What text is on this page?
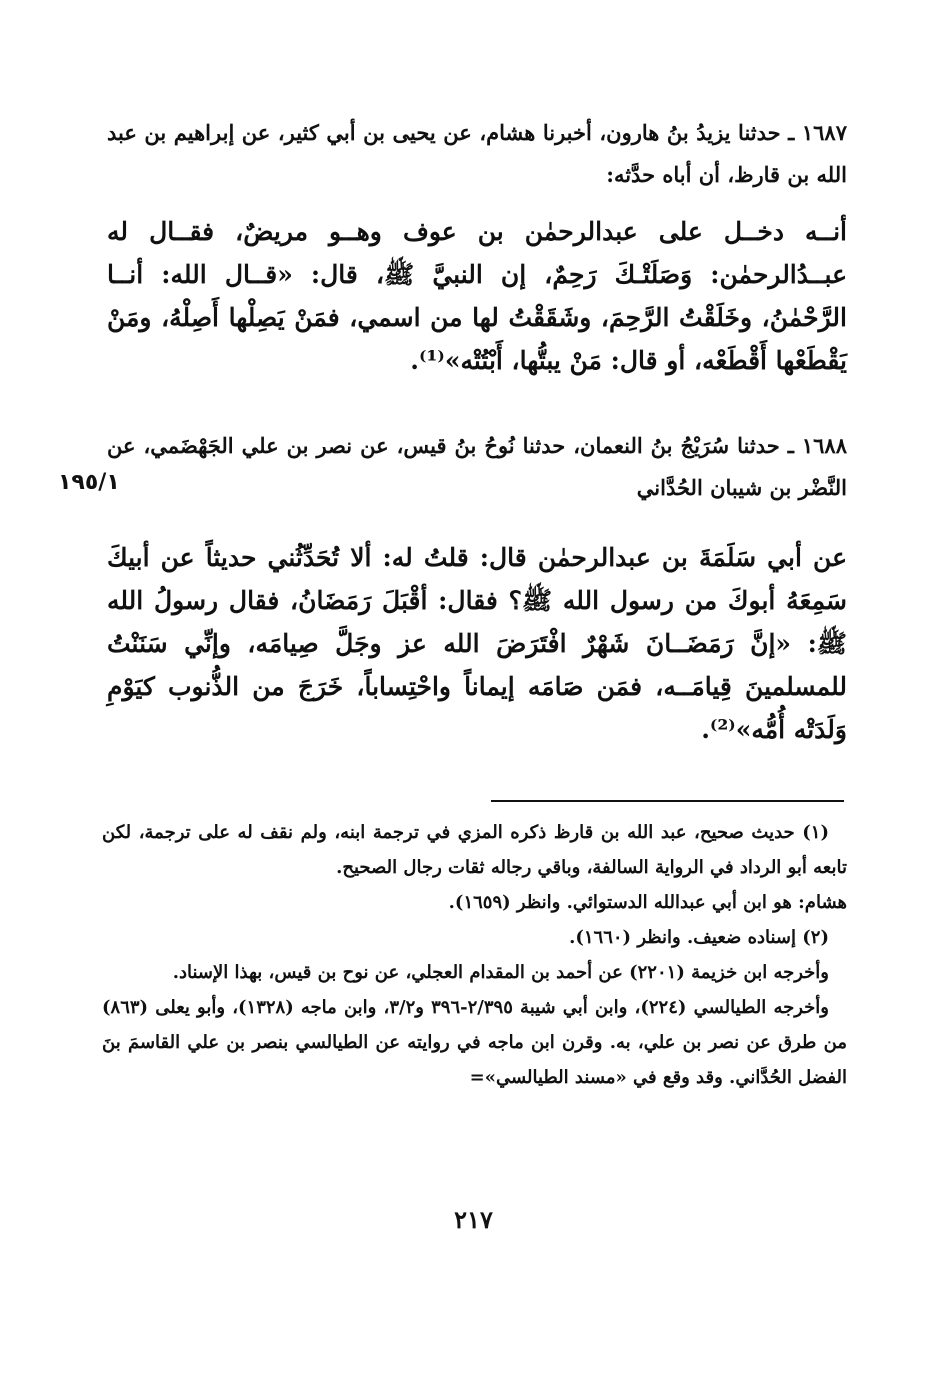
١٦٨٧ ـ حدثنا يزيدُ بنُ هارون، أخبرنا هشام، عن يحيى بن أبي كثير، عن إبراهيم بن عبد الله بن قارظ، أن أباه حدَّثه:
أنــه دخــل على عبدالرحمٰن بن عوف وهــو مريضٌ، فقــال له عبــدُالرحمٰن: وَصَلَتْـكَ رَحِمٌ، إن النبيَّ ﷺ، قال: «قــال الله: أنــا الرَّحْمٰنُ، وخَلَقْتُ الرَّحِمَ، وشَقَقْتُ لها من اسمي، فمَنْ يَصِلْها أَصِلْهُ، ومَنْ يَقْطَعْها أَقْطَعْه، أو قال: مَنْ يبتُّها، أَبْتُتْه»⁽¹⁾.
١٦٨٨ ـ حدثنا سُرَيْجُ بنُ النعمان، حدثنا نُوحُ بنُ قيس، عن نصر بن علي الجَهْضَمي، عن النَّضْر بن شيبان الحُدَّاني
١٩٥/١
عن أبي سَلَمَةَ بن عبدالرحمٰن قال: قلتُ له: ألا تُحَدِّثُني حديثاً عن أبيكَ سَمِعَهُ أبوكَ من رسول الله ﷺ؟ فقال: أقْبَلَ رَمَضَانُ، فقال رسولُ الله ﷺ: «إنَّ رَمَضَــانَ شَهْرٌ افْتَرَضَ الله عز وجَلَّ صِيامَه، وإنِّي سَنَنْتُ للمسلمينَ قِيامَــه، فمَن صَامَه إيماناً واحْتِساباً، خَرَجَ من الذُّنوب كيَوْمِ وَلَدَتْه أُمُّه»⁽²⁾.

(١) حديث صحيح، عبد الله بن قارظ ذكره المزي في ترجمة ابنه، ولم نقف له على ترجمة، لكن تابعه أبو الرداد في الرواية السالفة، وباقي رجاله ثقات رجال الصحيح.

هشام: هو ابن أبي عبدالله الدستوائي. وانظر (١٦٥٩).

(٢) إسناده ضعيف. وانظر (١٦٦٠).

وأخرجه ابن خزيمة (٢٢٠١) عن أحمد بن المقدام العجلي، عن نوح بن قيس، بهذا الإسناد.

وأخرجه الطيالسي (٢٢٤)، وابن أبي شيبة ٢/٣٩٥-٣٩٦ و٣/٢، وابن ماجه (١٣٢٨)، وأبو يعلى (٨٦٣) من طرق عن نصر بن علي، به. وقرن ابن ماجه في روايته عن الطيالسي بنصر بن علي القاسمَ بنَ الفضل الحُدَّاني. وقد وقع في «مسند الطيالسي»=

٢١٧
